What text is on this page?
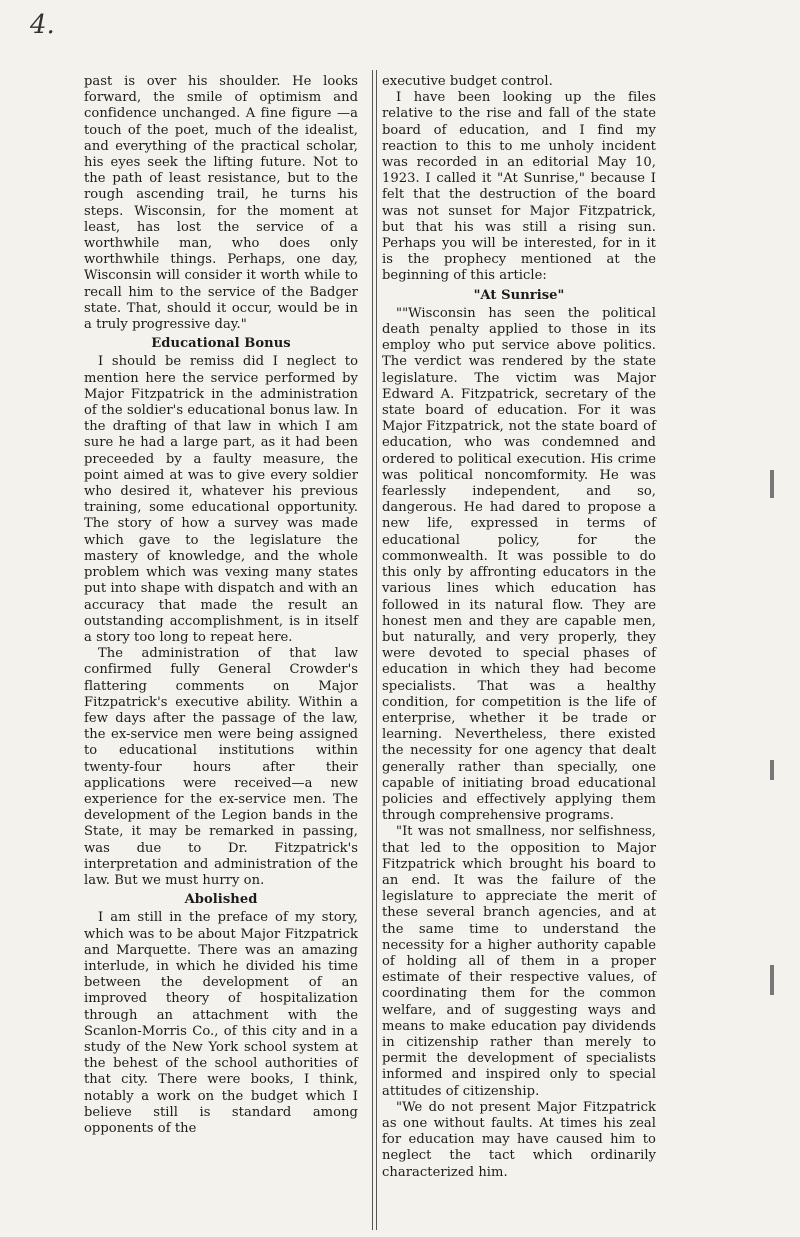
4.

past is over his shoulder. He looks forward, the smile of optimism and confidence unchanged. A fine figure —a touch of the poet, much of the idealist, and everything of the practical scholar, his eyes seek the lifting future. Not to the path of least resistance, but to the rough ascending trail, he turns his steps. Wisconsin, for the moment at least, has lost the service of a worthwhile man, who does only worthwhile things. Perhaps, one day, Wisconsin will consider it worth while to recall him to the service of the Badger state. That, should it occur, would be in a truly progressive day."

Educational Bonus

I should be remiss did I neglect to mention here the service performed by Major Fitzpatrick in the administration of the soldier's educational bonus law. In the drafting of that law in which I am sure he had a large part, as it had been preceeded by a faulty measure, the point aimed at was to give every soldier who desired it, whatever his previous training, some educational opportunity. The story of how a survey was made which gave to the legislature the mastery of knowledge, and the whole problem which was vexing many states put into shape with dispatch and with an accuracy that made the result an outstanding accomplishment, is in itself a story too long to repeat here.

The administration of that law confirmed fully General Crowder's flattering comments on Major Fitzpatrick's executive ability. Within a few days after the passage of the law, the ex-service men were being assigned to educational institutions within twenty-four hours after their applications were received—a new experience for the ex-service men. The development of the Legion bands in the State, it may be remarked in passing, was due to Dr. Fitzpatrick's interpretation and administration of the law. But we must hurry on.

Abolished

I am still in the preface of my story, which was to be about Major Fitzpatrick and Marquette. There was an amazing interlude, in which he divided his time between the development of an improved theory of hospitalization through an attachment with the Scanlon-Morris Co., of this city and in a study of the New York school system at the behest of the school authorities of that city. There were books, I think, notably a work on the budget which I believe still is standard among opponents of the

executive budget control.

I have been looking up the files relative to the rise and fall of the state board of education, and I find my reaction to this to me unholy incident was recorded in an editorial May 10, 1923. I called it "At Sunrise," because I felt that the destruction of the board was not sunset for Major Fitzpatrick, but that his was still a rising sun. Perhaps you will be interested, for in it is the prophecy mentioned at the beginning of this article:

"At Sunrise"

""Wisconsin has seen the political death penalty applied to those in its employ who put service above politics. The verdict was rendered by the state legislature. The victim was Major Edward A. Fitzpatrick, secretary of the state board of education. For it was Major Fitzpatrick, not the state board of education, who was condemned and ordered to political execution. His crime was political noncomformity. He was fearlessly independent, and so, dangerous. He had dared to propose a new life, expressed in terms of educational policy, for the commonwealth. It was possible to do this only by affronting educators in the various lines which education has followed in its natural flow. They are honest men and they are capable men, but naturally, and very properly, they were devoted to special phases of education in which they had become specialists. That was a healthy condition, for competition is the life of enterprise, whether it be trade or learning. Nevertheless, there existed the necessity for one agency that dealt generally rather than specially, one capable of initiating broad educational policies and effectively applying them through comprehensive programs.

"It was not smallness, nor selfishness, that led to the opposition to Major Fitzpatrick which brought his board to an end. It was the failure of the legislature to appreciate the merit of these several branch agencies, and at the same time to understand the necessity for a higher authority capable of holding all of them in a proper estimate of their respective values, of coordinating them for the common welfare, and of suggesting ways and means to make education pay dividends in citizenship rather than merely to permit the development of specialists informed and inspired only to special attitudes of citizenship.

"We do not present Major Fitzpatrick as one without faults. At times his zeal for education may have caused him to neglect the tact which ordinarily characterized him.
